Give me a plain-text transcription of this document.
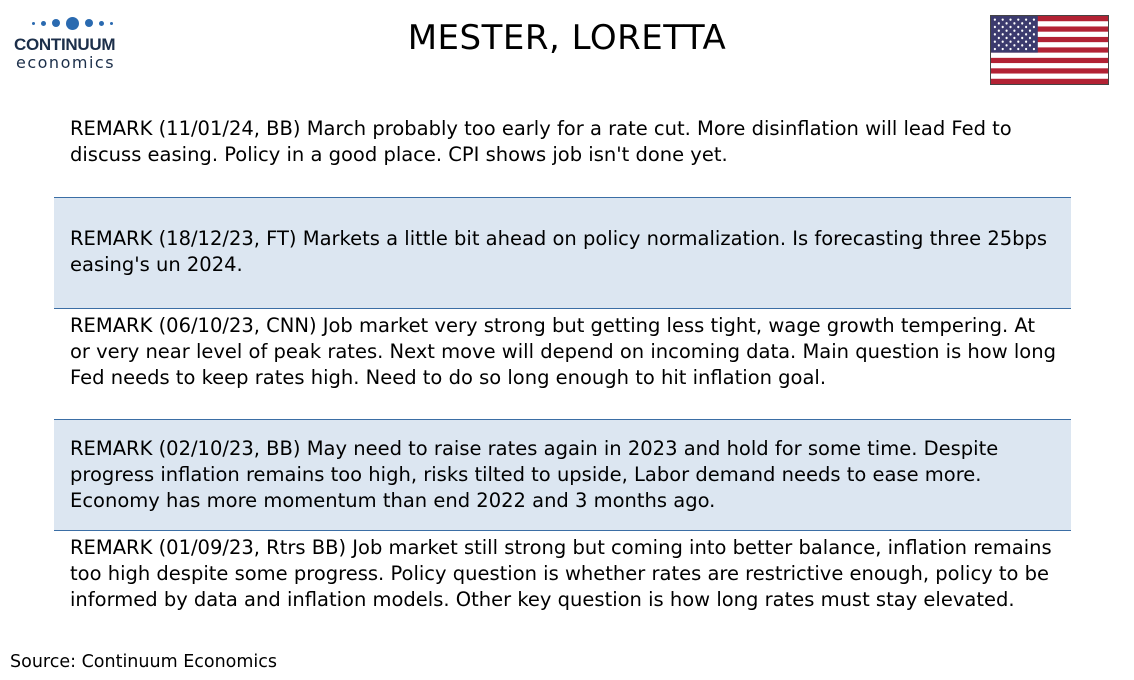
CONTINUUM
economics
MESTER, LORETTA
REMARK (11/01/24, BB) March probably too early for a rate cut. More disinflation will lead Fed to discuss easing. Policy in a good place. CPI shows job isn't done yet.
REMARK (18/12/23, FT) Markets a little bit ahead on policy normalization. Is forecasting three 25bps easing's un 2024.
REMARK (06/10/23, CNN) Job market very strong but getting less tight, wage growth tempering. At or very near level of peak rates. Next move will depend on incoming data. Main question is how long Fed needs to keep rates high. Need to do so long enough to hit inflation goal.
REMARK (02/10/23, BB) May need to raise rates again in 2023 and hold for some time. Despite progress inflation remains too high, risks tilted to upside, Labor demand needs to ease more. Economy has more momentum than end 2022 and 3 months ago.
REMARK (01/09/23, Rtrs BB) Job market still strong but coming into better balance, inflation remains too high despite some progress. Policy question is whether rates are restrictive enough, policy to be informed by data and inflation models. Other key question is how long rates must stay elevated.
Source: Continuum Economics
